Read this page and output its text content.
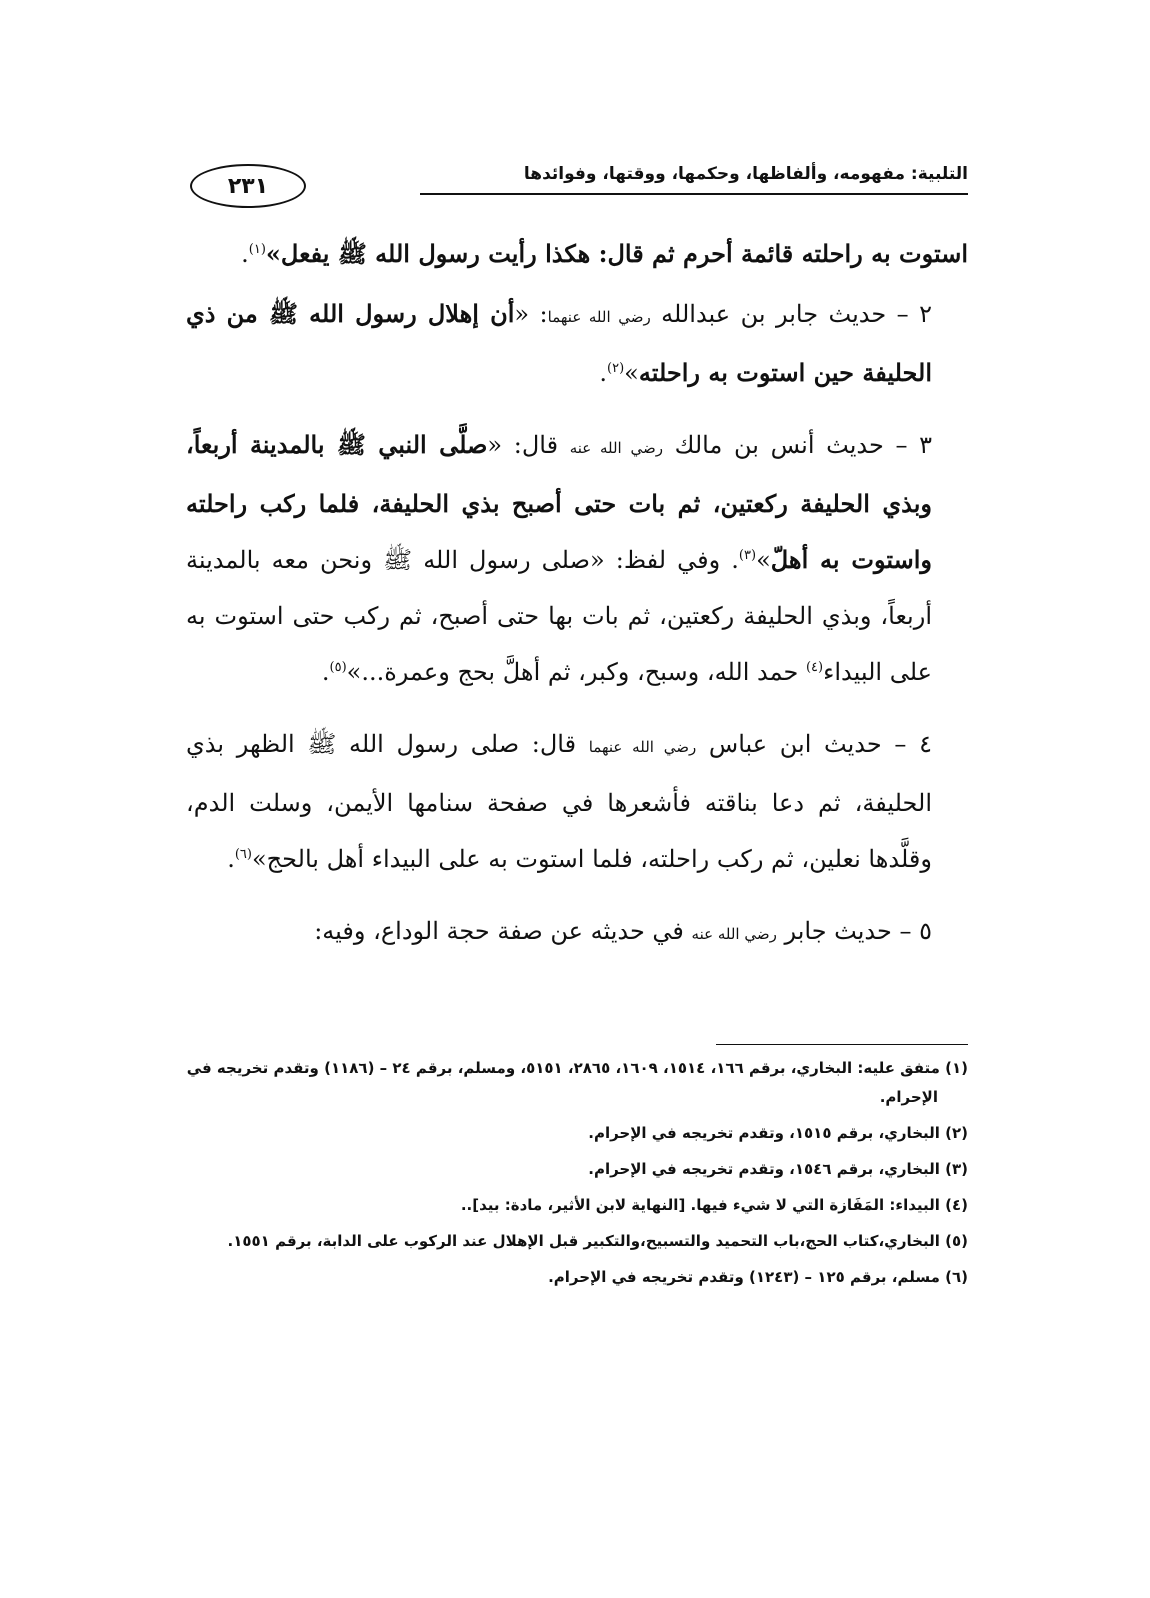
التلبية: مفهومه، وألفاظها، وحكمها، ووقتها، وفوائدها
٢٣١

استوت به راحلته قائمة أحرم ثم قال: هكذا رأيت رسول الله ﷺ يفعل»$^{(١)}$.

٢ – حديث جابر بن عبدالله رضي الله عنهما: «أن إهلال رسول الله ﷺ من ذي الحليفة حين استوت به راحلته»$^{(٢)}$.

٣ – حديث أنس بن مالك رضي الله عنه قال: «صلَّى النبي ﷺ بالمدينة أربعاً، وبذي الحليفة ركعتين، ثم بات حتى أصبح بذي الحليفة، فلما ركب راحلته واستوت به أهلّ»$^{(٣)}$. وفي لفظ: «صلى رسول الله ﷺ ونحن معه بالمدينة أربعاً، وبذي الحليفة ركعتين، ثم بات بها حتى أصبح، ثم ركب حتى استوت به على البيداء$^{(٤)}$ حمد الله، وسبح، وكبر، ثم أهلَّ بحج وعمرة...»$^{(٥)}$.

٤ – حديث ابن عباس رضي الله عنهما قال: صلى رسول الله ﷺ الظهر بذي الحليفة، ثم دعا بناقته فأشعرها في صفحة سنامها الأيمن، وسلت الدم، وقلَّدها نعلين، ثم ركب راحلته، فلما استوت به على البيداء أهل بالحج»$^{(٦)}$.

٥ – حديث جابر رضي الله عنه في حديثه عن صفة حجة الوداع، وفيه:

(١) متفق عليه: البخاري، برقم ١٦٦، ١٥١٤، ١٦٠٩، ٢٨٦٥، ٥١٥١، ومسلم، برقم ٢٤ – (١١٨٦) وتقدم تخريجه في الإحرام.

(٢) البخاري، برقم ١٥١٥، وتقدم تخريجه في الإحرام.

(٣) البخاري، برقم ١٥٤٦، وتقدم تخريجه في الإحرام.

(٤) البيداء: المَفَازة التي لا شيء فيها. [النهاية لابن الأثير، مادة: بيد]..

(٥) البخاري،كتاب الحج،باب التحميد والتسبيح،والتكبير قبل الإهلال عند الركوب على الدابة، برقم ١٥٥١.

(٦) مسلم، برقم ١٢٥ – (١٢٤٣) وتقدم تخريجه في الإحرام.
